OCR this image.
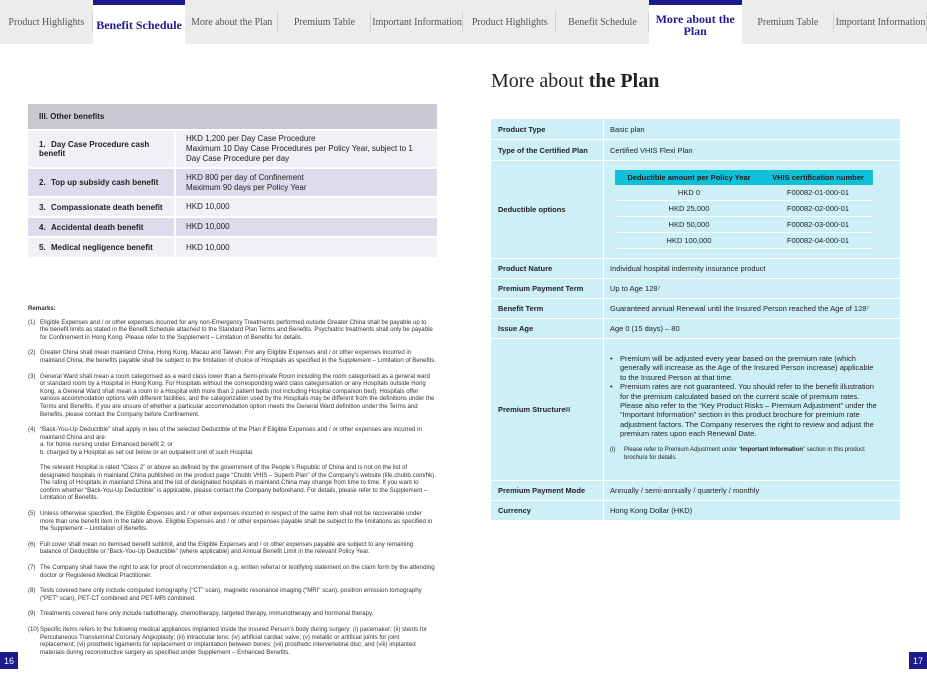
Product Highlights Benefit Schedule More about the Plan Premium Table Important Information Product Highlights Benefit Schedule	More about the Plan
Premium Table Important Information
III. Other benefits	
1. Day Case Procedure cash benefit	HKD 1,200 per Day Case Procedure
Maximum 10 Day Case Procedures per Policy Year, subject to 1 Day Case Procedure per day
2. Top up subsidy cash benefit	HKD 800 per day of Confinement
Maximum 90 days per Policy Year
3. Compassionate death benefit	HKD 10,000
4. Accidental death benefit	HKD 10,000
5. Medical negligence benefit	HKD 10,000
Remarks:
(1) Eligible Expenses and / or other expenses incurred for any non-Emergency Treatments performed outside Greater China shall be payable up to the benefit limits as stated in the Benefit Schedule attached to the Standard Plan Terms and Benefits. Psychiatric treatments shall only be payable for Confinement in Hong Kong. Please refer to the Supplement – Limitation of Benefits for details.
(2) Greater China shall mean mainland China, Hong Kong, Macau and Taiwan. For any Eligible Expenses and / or other expenses incurred in mainland China, the benefits payable shall be subject to the limitation of choice of Hospitals as specified in the Supplement – Limitation of Benefits.
(3) General Ward shall mean a room categorised as a ward class lower than a Semi-private Room including the room categorised as a general ward or standard room by a Hospital in Hong Kong. For Hospitals without the corresponding ward class categorisation or any Hospitals outside Hong Kong, a General Ward shall mean a room in a Hospital with more than 2 patient beds (not including Hospital companion bed). Hospitals offer various accommodation options with different facilities, and the categorization used by the Hospitals may be different from the definitions under the Terms and Benefits. If you are unsure of whether a particular accommodation option meets the General Ward definition under the Terms and Benefits, please contact the Company before Confinement.
(4) “Back-You-Up Deductible” shall apply in lieu of the selected Deductible of the Plan if Eligible Expenses and / or other expenses are incurred in mainland China and are:
a. for home nursing under Enhanced benefit 2; or
b. charged by a Hospital as set out below or an outpatient unit of such Hospital.

The relevant Hospital is rated “Class 2” or above as defined by the government of the People’s Republic of China and is not on the list of designated hospitals in mainland China published on the product page “Chubb VHIS – Superb Plan” of the Company’s website (life.chubb.com/hk). The rating of Hospitals in mainland China and the list of designated hospitals in mainland China may change from time to time. If you want to confirm whether “Back-You-Up Deductible” is applicable, please contact the Company beforehand. For details, please refer to the Supplement – Limitation of Benefits.
(5) Unless otherwise specified, the Eligible Expenses and / or other expenses incurred in respect of the same item shall not be recoverable under more than one benefit item in the table above. Eligible Expenses and / or other expenses payable shall be subject to the limitations as specified in the Supplement – Limitation of Benefits.
(6) Full cover shall mean no itemised benefit sublimit, and the Eligible Expenses and / or other expenses payable are subject to any remaining balance of Deductible or “Back-You-Up Deductible” (where applicable) and Annual Benefit Limit in the relevant Policy Year.
(7) The Company shall have the right to ask for proof of recommendation e.g. written referral or testifying statement on the claim form by the attending doctor or Registered Medical Practitioner.
(8) Tests covered here only include computed tomography (“CT” scan), magnetic resonance imaging (“MRI” scan), positron emission tomography (“PET” scan), PET-CT combined and PET-MRI combined.
(9) Treatments covered here only include radiotherapy, chemotherapy, targeted therapy, immunotherapy and hormonal therapy.
(10) Specific items refers to the following medical appliances implanted inside the Insured Person’s body during surgery: (i) pacemaker; (ii) stents for Percutaneous Transluminal Coronary Angioplasty; (iii) intraocular lens; (iv) artificial cardiac valve; (v) metallic or artificial joints for joint replacement; (vi) prosthetic ligaments for replacement or implantation between bones; (vii) prosthetic intervertebral disc; and (viii) implanted materials during reconstructive surgery as specified under Supplement – Enhanced Benefits.
16
More about the Plan
Product Type	Basic plan
Type of the Certified Plan	Certified VHIS Flexi Plan
Deductible options
Deductible amount per Policy Year	VHIS certification number
HKD 0	F00082-01-000-01
HKD 25,000	F00082-02-000-01
HKD 50,000	F00082-03-000-01
HKD 100,000	F00082-04-000-01
Product Nature	Individual hospital indemnity insurance product
Premium Payment Term	Up to Age 128⁷
Benefit Term	Guaranteed annual Renewal until the Insured Person reached the Age of 128⁷
Issue Age	Age 0 (15 days) – 80
Premium Structure (i)
• Premium will be adjusted every year based on the premium rate (which generally will increase as the Age of the Insured Person increase) applicable to the Insured Person at that time.
• Premium rates are not guaranteed. You should refer to the benefit illustration for the premium calculated based on the current scale of premium rates. Please also refer to the “Key Product Risks – Premium Adjustment” under the “Important Information” section in this product brochure for premium rate adjustment factors. The Company reserves the right to review and adjust the premium rates upon each Renewal Date.
(i)	Please refer to Premium Adjustment under “Important Information” section in this product brochure for details.
Premium Payment Mode	Annually / semi-annually / quarterly / monthly
Currency	Hong Kong Dollar (HKD)
17
